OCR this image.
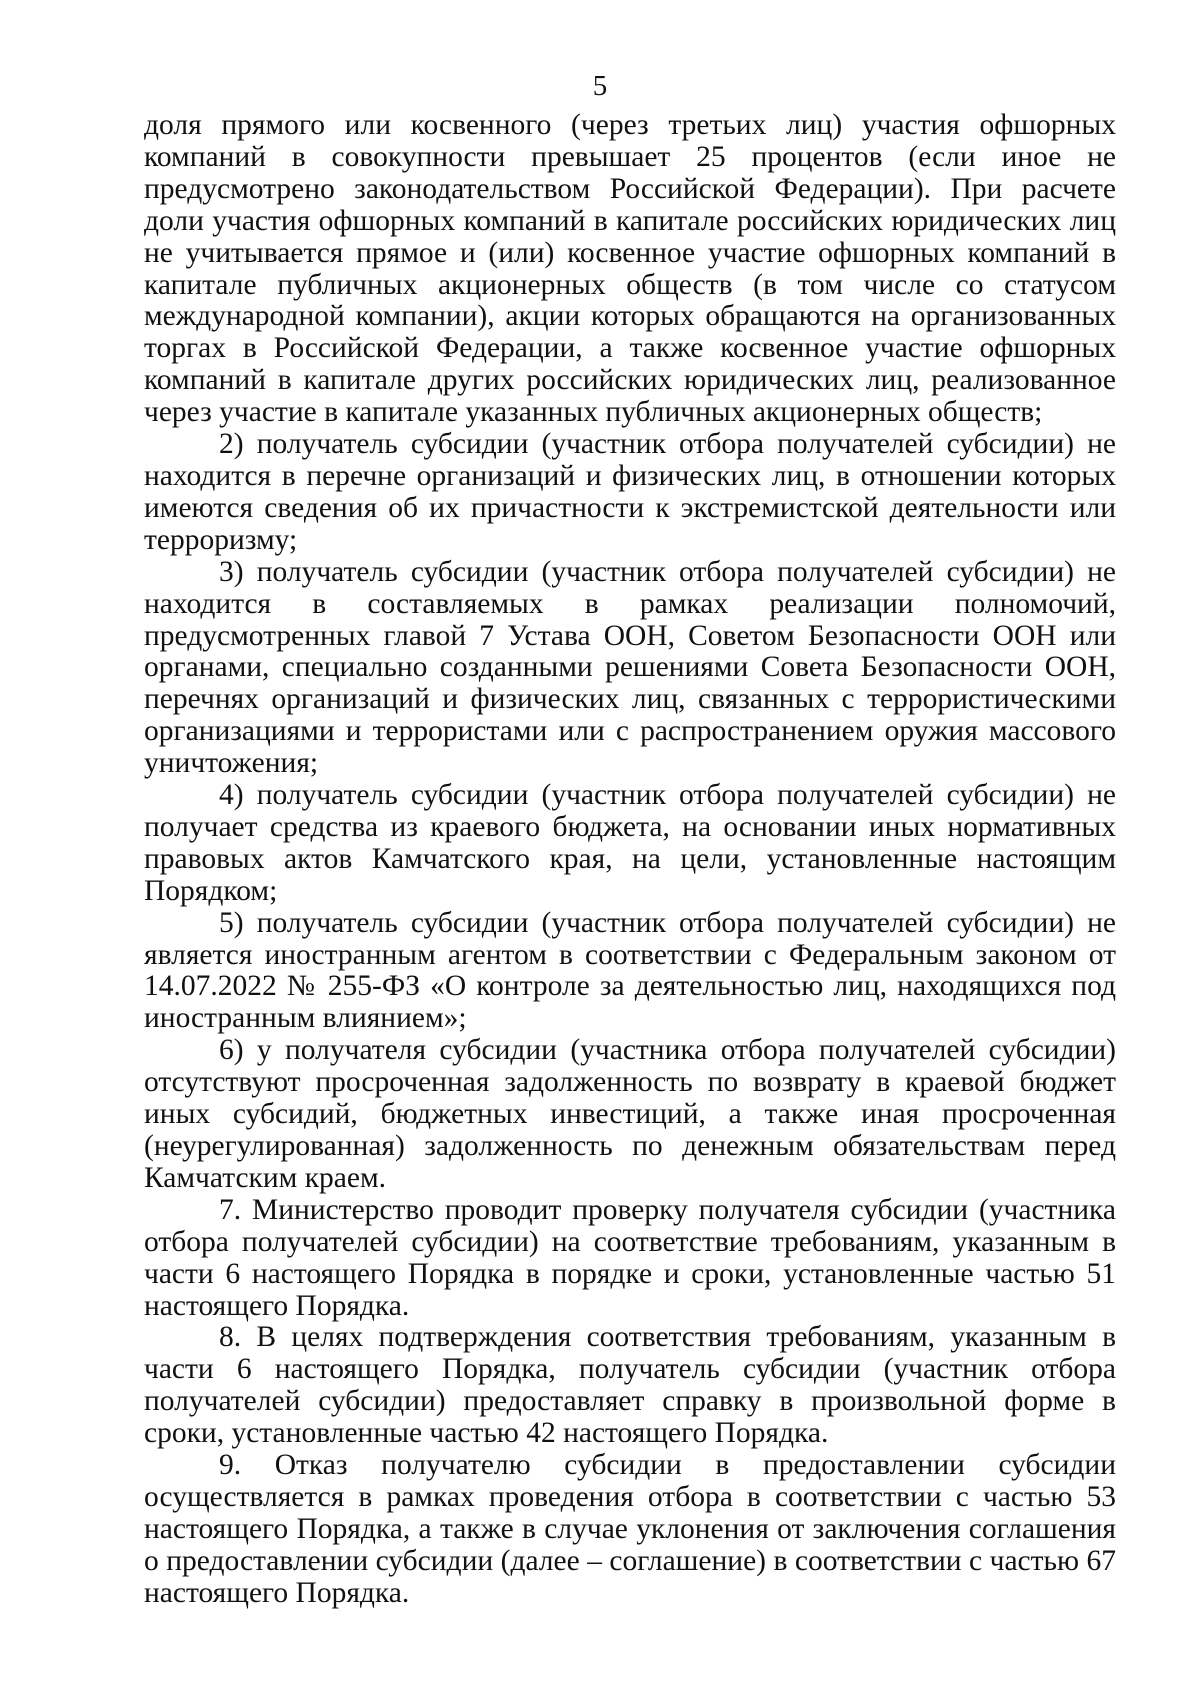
5

доля прямого или косвенного (через третьих лиц) участия офшорных компаний в совокупности превышает 25 процентов (если иное не предусмотрено законодательством Российской Федерации). При расчете доли участия офшорных компаний в капитале российских юридических лиц не учитывается прямое и (или) косвенное участие офшорных компаний в капитале публичных акционерных обществ (в том числе со статусом международной компании), акции которых обращаются на организованных торгах в Российской Федерации, а также косвенное участие офшорных компаний в капитале других российских юридических лиц, реализованное через участие в капитале указанных публичных акционерных обществ;

2) получатель субсидии (участник отбора получателей субсидии) не находится в перечне организаций и физических лиц, в отношении которых имеются сведения об их причастности к экстремистской деятельности или терроризму;

3) получатель субсидии (участник отбора получателей субсидии) не находится в составляемых в рамках реализации полномочий, предусмотренных главой 7 Устава ООН, Советом Безопасности ООН или органами, специально созданными решениями Совета Безопасности ООН, перечнях организаций и физических лиц, связанных с террористическими организациями и террористами или с распространением оружия массового уничтожения;

4) получатель субсидии (участник отбора получателей субсидии) не получает средства из краевого бюджета, на основании иных нормативных правовых актов Камчатского края, на цели, установленные настоящим Порядком;

5) получатель субсидии (участник отбора получателей субсидии) не является иностранным агентом в соответствии с Федеральным законом от 14.07.2022 № 255-ФЗ «О контроле за деятельностью лиц, находящихся под иностранным влиянием»;

6) у получателя субсидии (участника отбора получателей субсидии) отсутствуют просроченная задолженность по возврату в краевой бюджет иных субсидий, бюджетных инвестиций, а также иная просроченная (неурегулированная) задолженность по денежным обязательствам перед Камчатским краем.

7. Министерство проводит проверку получателя субсидии (участника отбора получателей субсидии) на соответствие требованиям, указанным в части 6 настоящего Порядка в порядке и сроки, установленные частью 51 настоящего Порядка.

8. В целях подтверждения соответствия требованиям, указанным в части 6 настоящего Порядка, получатель субсидии (участник отбора получателей субсидии) предоставляет справку в произвольной форме в сроки, установленные частью 42 настоящего Порядка.

9. Отказ получателю субсидии в предоставлении субсидии осуществляется в рамках проведения отбора в соответствии с частью 53 настоящего Порядка, а также в случае уклонения от заключения соглашения о предоставлении субсидии (далее – соглашение) в соответствии с частью 67 настоящего Порядка.
